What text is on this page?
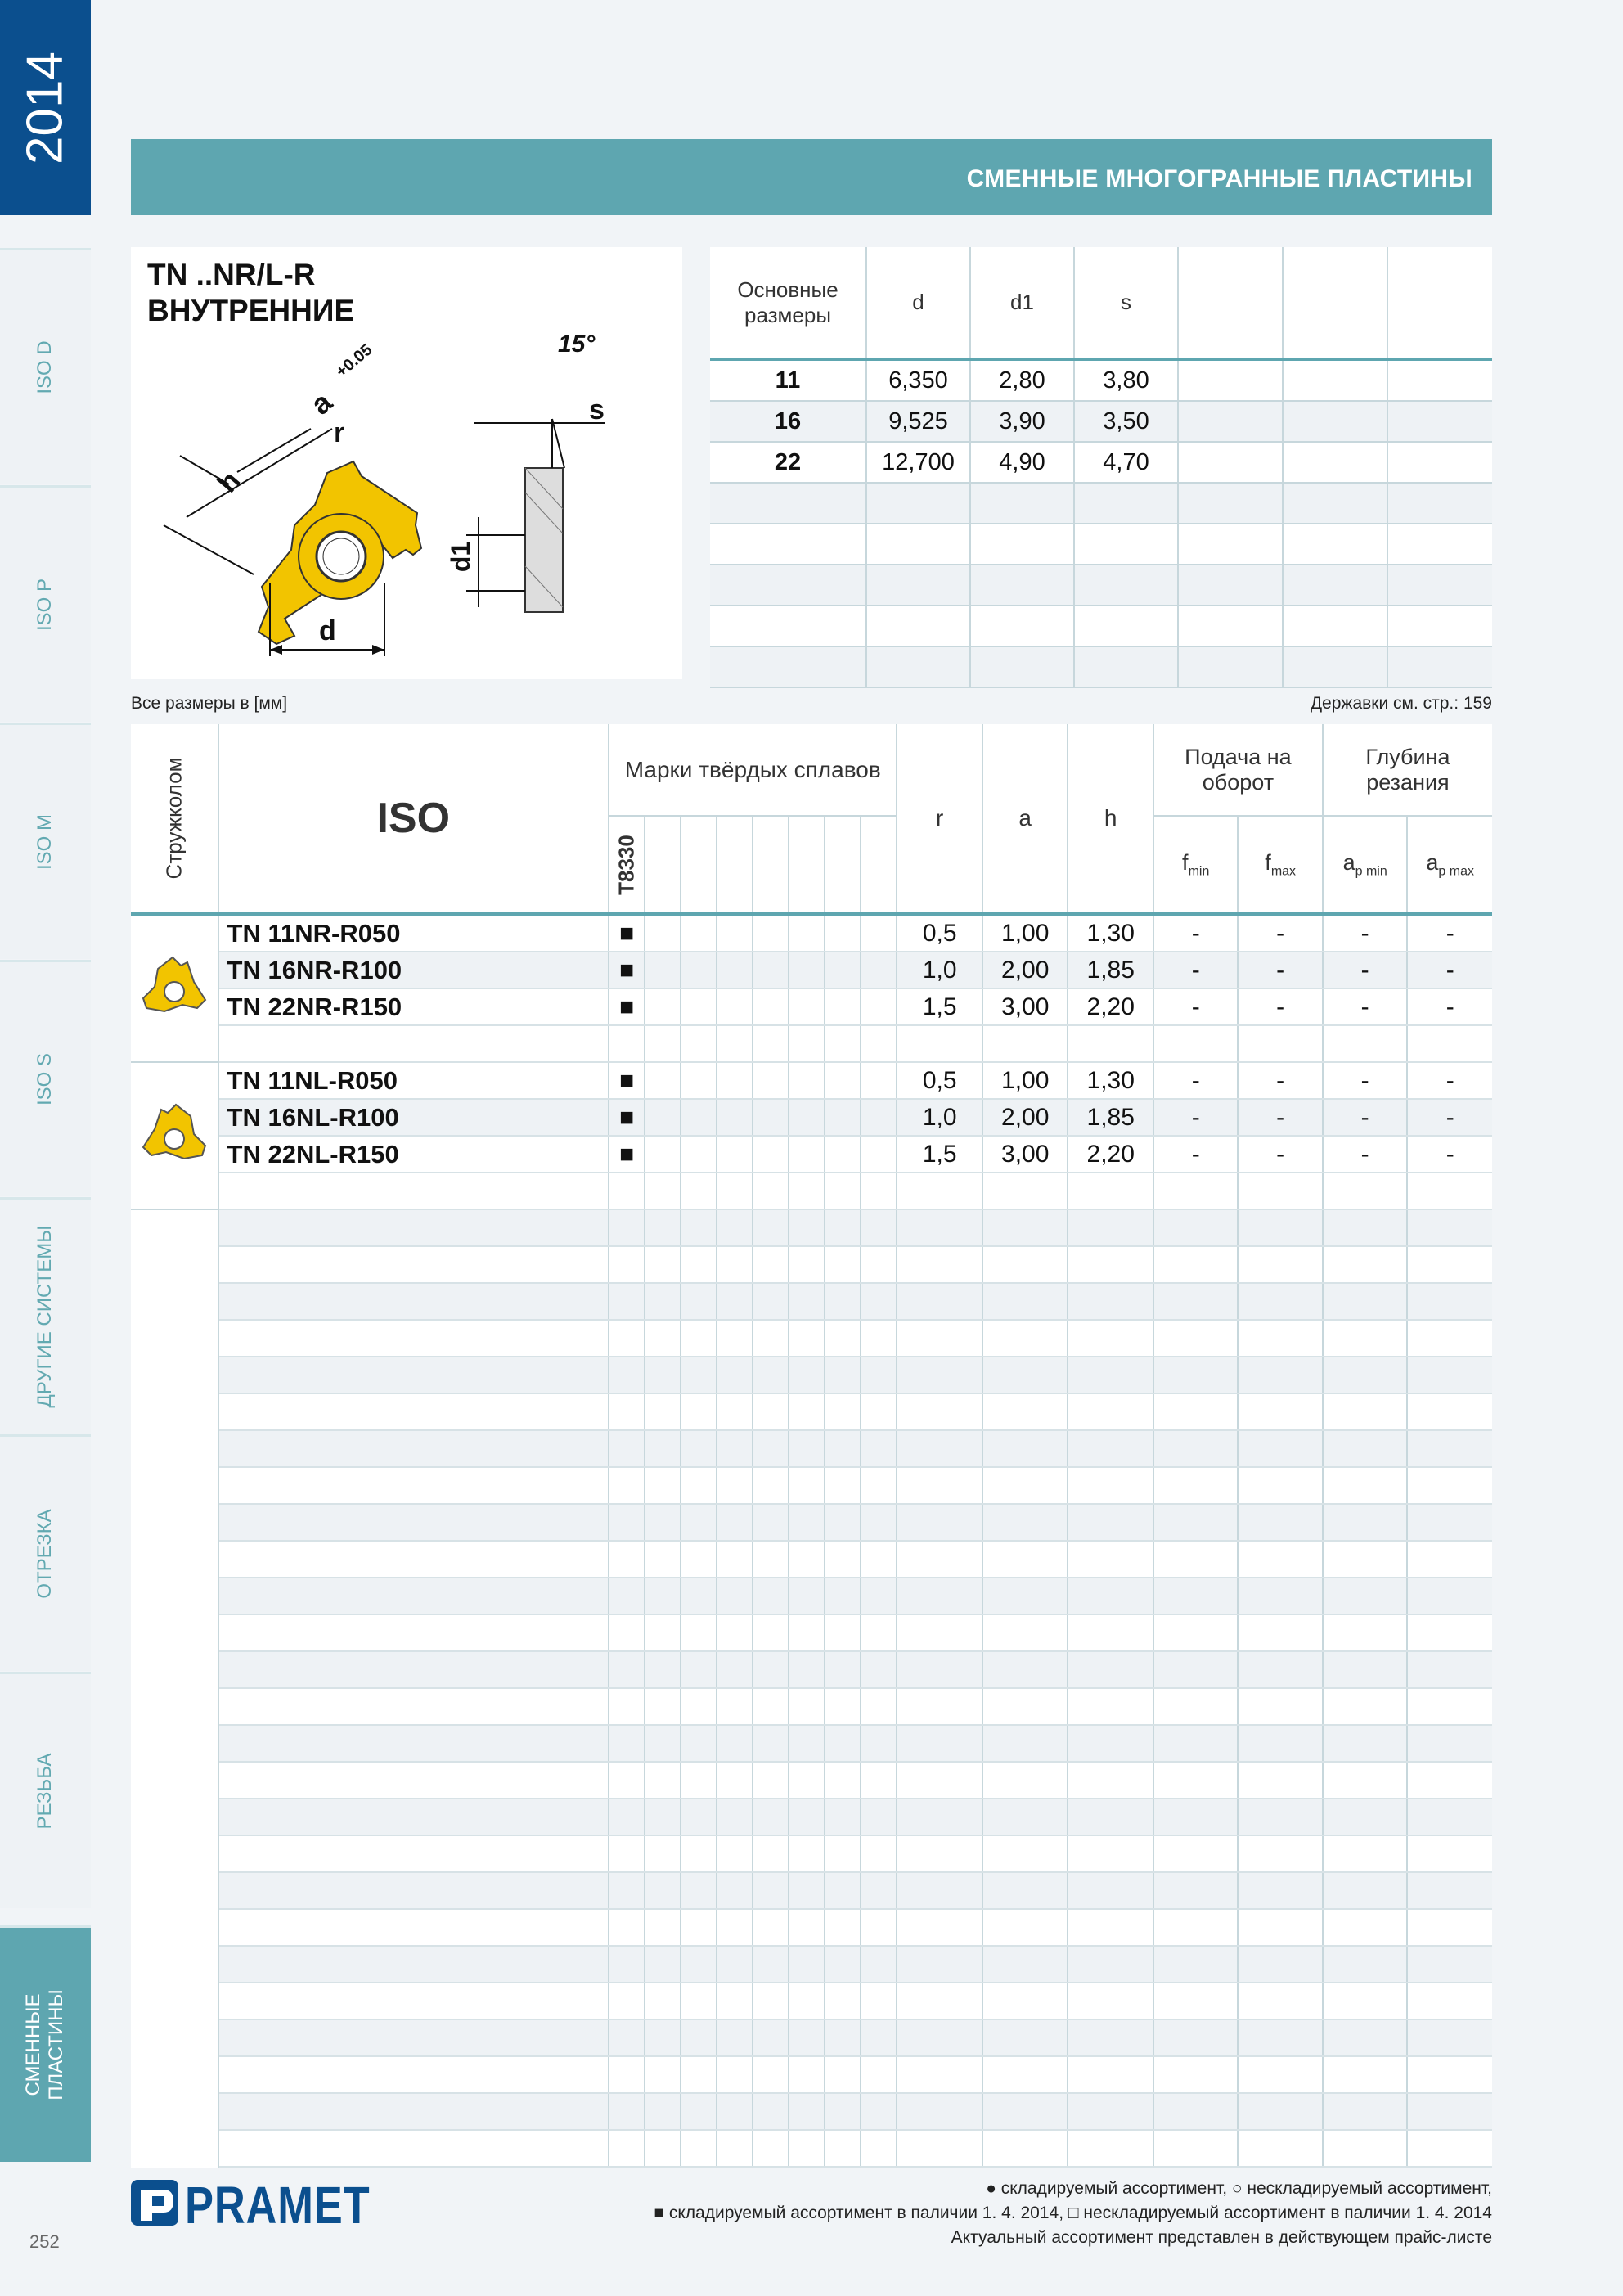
2014
ISO D
ISO P
ISO M
ISO S
ДРУГИЕ СИСТЕМЫ
ОТРЕЗКА
РЕЗЬБА
СМЕННЫЕ ПЛАСТИНЫ
252
СМЕННЫЕ МНОГОГРАННЫЕ ПЛАСТИНЫ
TN ..NR/L-R
ВНУТРЕННИЕ
a
+0.05
r
h
d
15°
s
d1
Основные размеры	d	d1	s			
11	6,350	2,80	3,80			
16	9,525	3,90	3,50			
22	12,700	4,90	4,70			

Все размеры в [мм]	Державки см. стр.: 159
Стружколом	ISO	Марки твёрдых сплавов								r	a	h	Подача на оборот		Глубина резания	

		T8330											$f_{min}$	$f_{max}$	$a_{p min}$	$a_{p max}$
	TN 11NR-R050	■								0,5	1,00	1,30	-	-	-	-
	TN 16NR-R100	■								1,0	2,00	1,85	-	-	-	-
	TN 22NR-R150	■								1,5	3,00	2,20	-	-	-	-

	TN 11NL-R050	■								0,5	1,00	1,30	-	-	-	-
	TN 16NL-R100	■								1,0	2,00	1,85	-	-	-	-
	TN 22NL-R150	■								1,5	3,00	2,20	-	-	-	-

PRAMET	● складируемый ассортимент, ○ нескладируемый ассортимент,
■ складируемый ассортимент в паличии 1. 4. 2014, □ нескладируемый ассортимент в паличии 1. 4. 2014
Актуальный ассортимент представлен в действующем прайс-листе
